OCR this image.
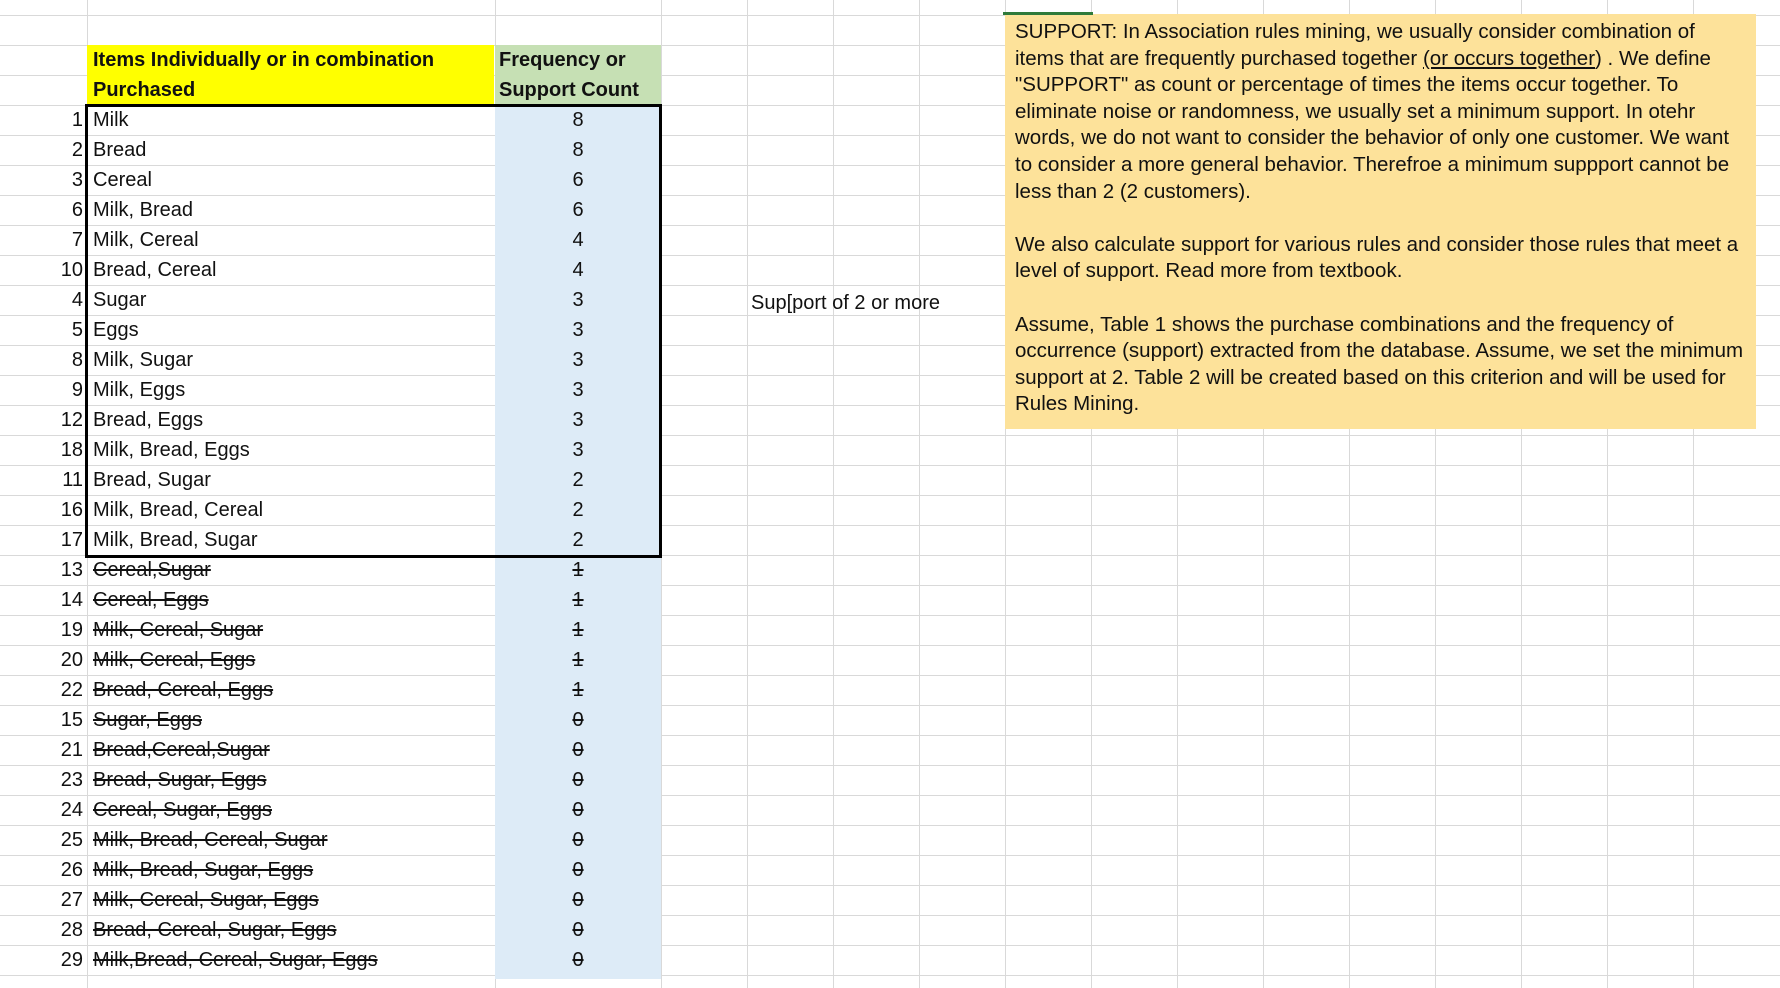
Items Individually or in combination
Purchased
Frequency or
Support Count
1 Milk	8
2 Bread	8
3 Cereal	6
6 Milk, Bread	6
7 Milk, Cereal	4
10 Bread, Cereal	4
4 Sugar	3
5 Eggs	3
8 Milk, Sugar	3
9 Milk, Eggs	3
12 Bread, Eggs	3
18 Milk, Bread, Eggs	3
11 Bread, Sugar	2
16 Milk, Bread, Cereal	2
17 Milk, Bread, Sugar	2
13 Cereal,Sugar	1
14 Cereal, Eggs	1
19 Milk, Cereal, Sugar	1
20 Milk, Cereal, Eggs	1
22 Bread, Cereal, Eggs	1
15 Sugar, Eggs	0
21 Bread,Cereal,Sugar	0
23 Bread, Sugar, Eggs	0
24 Cereal, Sugar, Eggs	0
25 Milk, Bread, Cereal, Sugar	0
26 Milk, Bread, Sugar, Eggs	0
27 Milk, Cereal, Sugar, Eggs	0
28 Bread, Cereal, Sugar, Eggs	0
29 Milk,Bread, Cereal, Sugar, Eggs	0
Sup[port of 2 or more

SUPPORT: In Association rules mining, we usually consider combination of items that are frequently purchased together (or occurs together) . We define "SUPPORT" as count or percentage of times the items occur together. To eliminate noise or randomness, we usually set a minimum support. In otehr words, we do not want to consider the behavior of only one customer. We want to consider a more general behavior. Therefroe a minimum suppport cannot be less than 2 (2 customers).

We also calculate support for various rules and consider those rules that meet a level of support. Read more from textbook.

Assume, Table 1 shows the purchase combinations and the frequency of occurrence (support) extracted from the database. Assume, we set the minimum support at 2. Table 2 will be created based on this criterion and will be used for Rules Mining.
